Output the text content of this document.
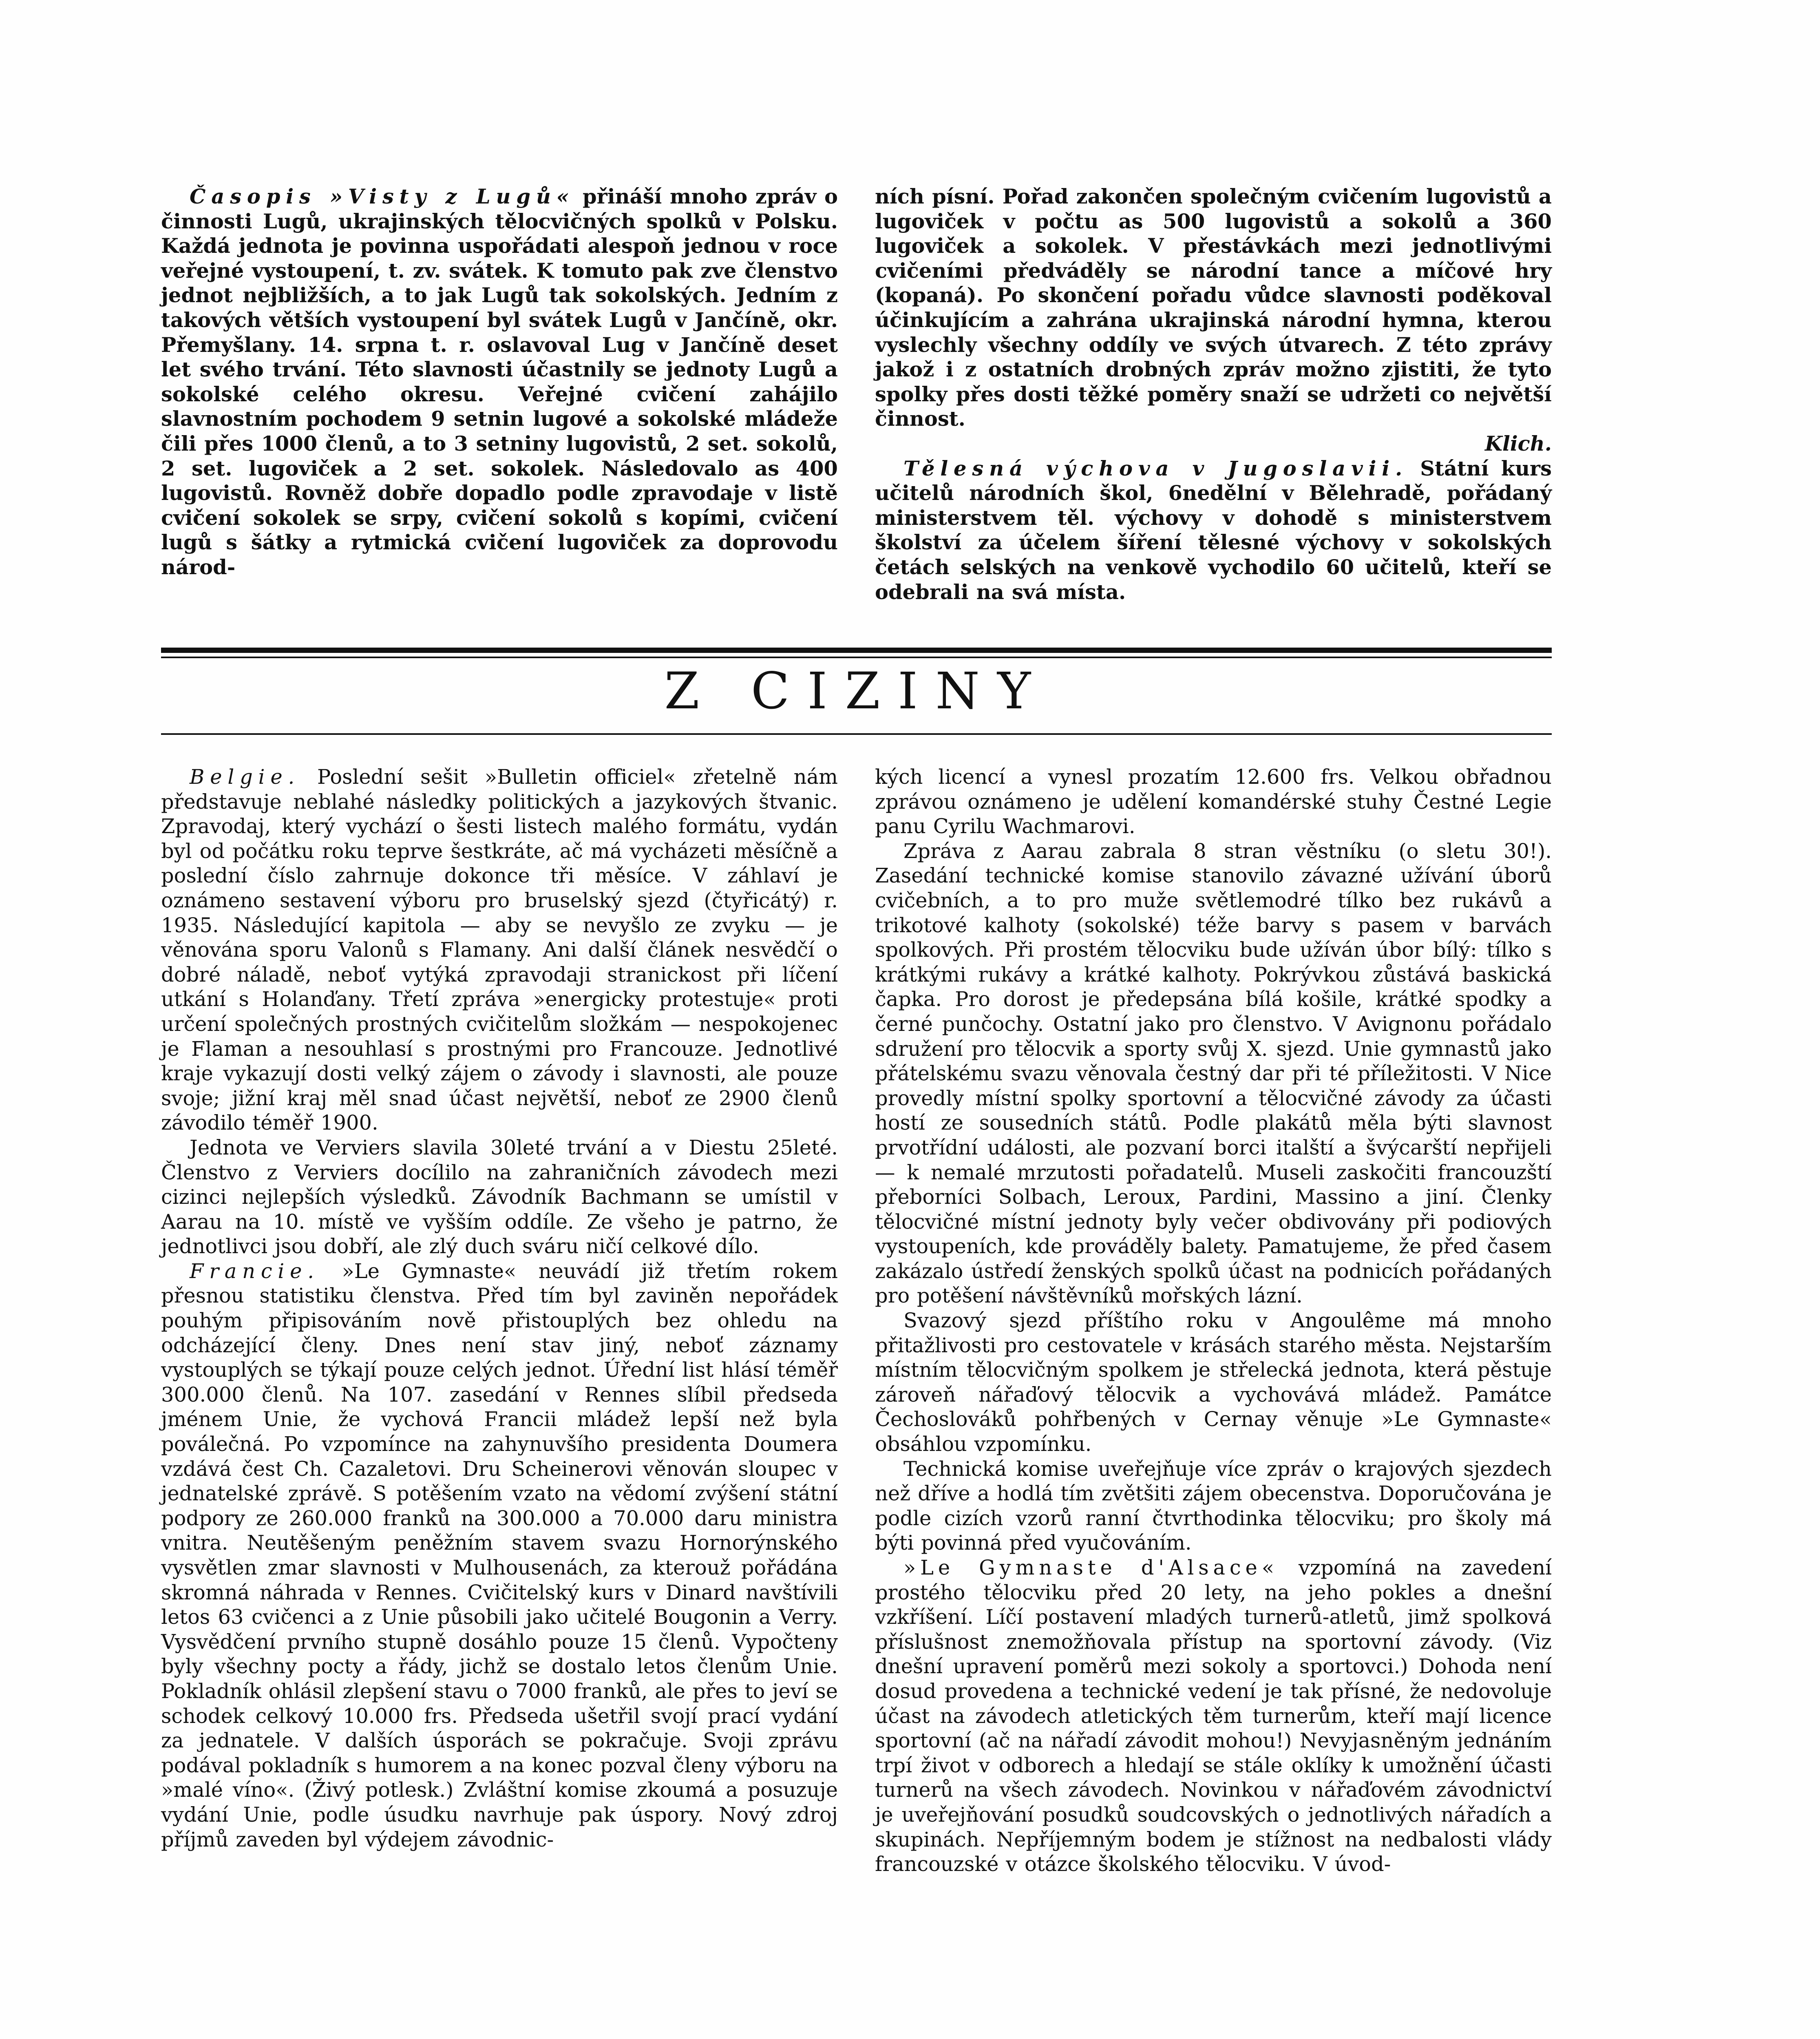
Časopis »Visty z Lugů« přináší mnoho zpráv o činnosti Lugů, ukrajinských tělocvičných spolků v Polsku. Každá jednota je povinna uspořádati alespoň jednou v roce veřejné vystoupení, t. zv. svátek. K tomuto pak zve členstvo jednot nejbližších, a to jak Lugů tak sokolských. Jedním z takových větších vystoupení byl svátek Lugů v Jančíně, okr. Přemyšlany. 14. srpna t. r. oslavoval Lug v Jančíně deset let svého trvání. Této slavnosti účastnily se jednoty Lugů a sokolské celého okresu. Veřejné cvičení zahájilo slavnostním pochodem 9 setnin lugové a sokolské mládeže čili přes 1000 členů, a to 3 setniny lugovistů, 2 set. sokolů, 2 set. lugoviček a 2 set. sokolek. Následovalo as 400 lugovistů. Rovněž dobře dopadlo podle zpravodaje v listě cvičení sokolek se srpy, cvičení sokolů s kopími, cvičení lugů s šátky a rytmická cvičení lugoviček za doprovodu národ-

ních písní. Pořad zakončen společným cvičením lugovistů a lugoviček v počtu as 500 lugovistů a sokolů a 360 lugoviček a sokolek. V přestávkách mezi jednotlivými cvičeními předváděly se národní tance a míčové hry (kopaná). Po skončení pořadu vůdce slavnosti poděkoval účinkujícím a zahrána ukrajinská národní hymna, kterou vyslechly všechny oddíly ve svých útvarech. Z této zprávy jakož i z ostatních drobných zpráv možno zjistiti, že tyto spolky přes dosti těžké poměry snaží se udržeti co největší činnost.

Klich.

Tělesná výchova v Jugoslavii. Státní kurs učitelů národních škol, 6nedělní v Bělehradě, pořádaný ministerstvem těl. výchovy v dohodě s ministerstvem školství za účelem šíření tělesné výchovy v sokolských četách selských na venkově vychodilo 60 učitelů, kteří se odebrali na svá místa.

Z CIZINY

Belgie. Poslední sešit »Bulletin officiel« zřetelně nám představuje neblahé následky politických a jazykových štvanic. Zpravodaj, který vychází o šesti listech malého formátu, vydán byl od počátku roku teprve šestkráte, ač má vycházeti měsíčně a poslední číslo zahrnuje dokonce tři měsíce. V záhlaví je oznámeno sestavení výboru pro bruselský sjezd (čtyřicátý) r. 1935. Následující kapitola — aby se nevyšlo ze zvyku — je věnována sporu Valonů s Flamany. Ani další článek nesvědčí o dobré náladě, neboť vytýká zpravodaji stranickost při líčení utkání s Holanďany. Třetí zpráva »energicky protestuje« proti určení společných prostných cvičitelům složkám — nespokojenec je Flaman a nesouhlasí s prostnými pro Francouze. Jednotlivé kraje vykazují dosti velký zájem o závody i slavnosti, ale pouze svoje; jižní kraj měl snad účast největší, neboť ze 2900 členů závodilo téměř 1900.

Jednota ve Verviers slavila 30leté trvání a v Diestu 25leté. Členstvo z Verviers docílilo na zahraničních závodech mezi cizinci nejlepších výsledků. Závodník Bachmann se umístil v Aarau na 10. místě ve vyšším oddíle. Ze všeho je patrno, že jednotlivci jsou dobří, ale zlý duch sváru ničí celkové dílo.

Francie. »Le Gymnaste« neuvádí již třetím rokem přesnou statistiku členstva. Před tím byl zaviněn nepořádek pouhým připisováním nově přistouplých bez ohledu na odcházející členy. Dnes není stav jiný, neboť záznamy vystouplých se týkají pouze celých jednot. Úřední list hlásí téměř 300.000 členů. Na 107. zasedání v Rennes slíbil předseda jménem Unie, že vychová Francii mládež lepší než byla poválečná. Po vzpomínce na zahynuvšího presidenta Doumera vzdává čest Ch. Cazaletovi. Dru Scheinerovi věnován sloupec v jednatelské zprávě. S potěšením vzato na vědomí zvýšení státní podpory ze 260.000 franků na 300.000 a 70.000 daru ministra vnitra. Neutěšeným peněžním stavem svazu Hornorýnského vysvětlen zmar slavnosti v Mulhousenách, za kterouž pořádána skromná náhrada v Rennes. Cvičitelský kurs v Dinard navštívili letos 63 cvičenci a z Unie působili jako učitelé Bougonin a Verry. Vysvědčení prvního stupně dosáhlo pouze 15 členů. Vypočteny byly všechny pocty a řády, jichž se dostalo letos členům Unie. Pokladník ohlásil zlepšení stavu o 7000 franků, ale přes to jeví se schodek celkový 10.000 frs. Předseda ušetřil svojí prací vydání za jednatele. V dalších úsporách se pokračuje. Svoji zprávu podával pokladník s humorem a na konec pozval členy výboru na »malé víno«. (Živý potlesk.) Zvláštní komise zkoumá a posuzuje vydání Unie, podle úsudku navrhuje pak úspory. Nový zdroj příjmů zaveden byl výdejem závodnic-

kých licencí a vynesl prozatím 12.600 frs. Velkou obřadnou zprávou oznámeno je udělení komandérské stuhy Čestné Legie panu Cyrilu Wachmarovi.

Zpráva z Aarau zabrala 8 stran věstníku (o sletu 30!). Zasedání technické komise stanovilo závazné užívání úborů cvičebních, a to pro muže světlemodré tílko bez rukávů a trikotové kalhoty (sokolské) téže barvy s pasem v barvách spolkových. Při prostém tělocviku bude užíván úbor bílý: tílko s krátkými rukávy a krátké kalhoty. Pokrývkou zůstává baskická čapka. Pro dorost je předepsána bílá košile, krátké spodky a černé punčochy. Ostatní jako pro členstvo. V Avignonu pořádalo sdružení pro tělocvik a sporty svůj X. sjezd. Unie gymnastů jako přátelskému svazu věnovala čestný dar při té příležitosti. V Nice provedly místní spolky sportovní a tělocvičné závody za účasti hostí ze sousedních států. Podle plakátů měla býti slavnost prvotřídní události, ale pozvaní borci italští a švýcarští nepřijeli — k nemalé mrzutosti pořadatelů. Museli zaskočiti francouzští přeborníci Solbach, Leroux, Pardini, Massino a jiní. Členky tělocvičné místní jednoty byly večer obdivovány při podiových vystoupeních, kde prováděly balety. Pamatujeme, že před časem zakázalo ústředí ženských spolků účast na podnicích pořádaných pro potěšení návštěvníků mořských lázní.

Svazový sjezd příštího roku v Angoulême má mnoho přitažlivosti pro cestovatele v krásách starého města. Nejstarším místním tělocvičným spolkem je střelecká jednota, která pěstuje zároveň nářaďový tělocvik a vychovává mládež. Památce Čechoslováků pohřbených v Cernay věnuje »Le Gymnaste« obsáhlou vzpomínku.

Technická komise uveřejňuje více zpráv o krajových sjezdech než dříve a hodlá tím zvětšiti zájem obecenstva. Doporučována je podle cizích vzorů ranní čtvrthodinka tělocviku; pro školy má býti povinná před vyučováním.

»Le Gymnaste d'Alsace« vzpomíná na zavedení prostého tělocviku před 20 lety, na jeho pokles a dnešní vzkříšení. Líčí postavení mladých turnerů-atletů, jimž spolková příslušnost znemožňovala přístup na sportovní závody. (Viz dnešní upravení poměrů mezi sokoly a sportovci.) Dohoda není dosud provedena a technické vedení je tak přísné, že nedovoluje účast na závodech atletických těm turnerům, kteří mají licence sportovní (ač na nářadí závodit mohou!) Nevyjasněným jednáním trpí život v odborech a hledají se stále oklíky k umožnění účasti turnerů na všech závodech. Novinkou v nářaďovém závodnictví je uveřejňování posudků soudcovských o jednotlivých nářadích a skupinách. Nepříjemným bodem je stížnost na nedbalosti vlády francouzské v otázce školského tělocviku. V úvod-
